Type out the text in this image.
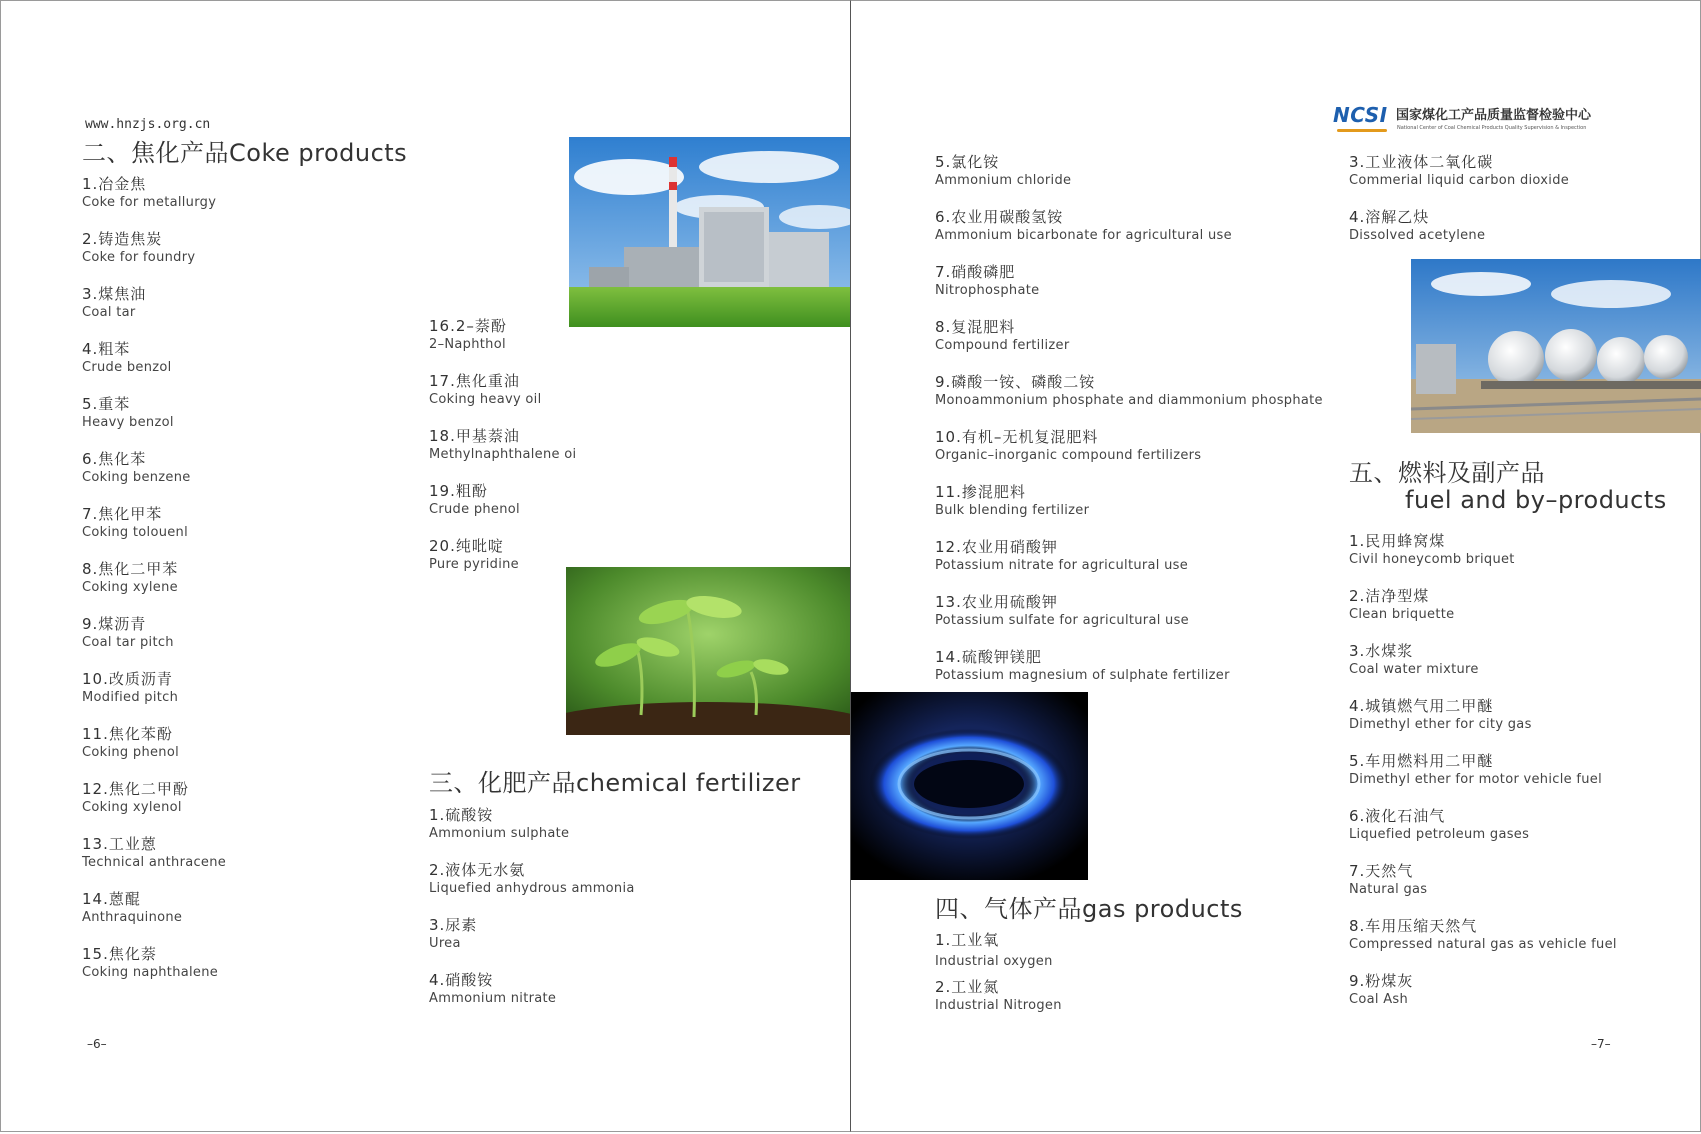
www.hnzjs.org.cn
二、焦化产品Coke products
1.冶金焦
Coke for metallurgy
2.铸造焦炭
Coke for foundry
3.煤焦油
Coal tar
4.粗苯
Crude benzol
5.重苯
Heavy benzol
6.焦化苯
Coking benzene
7.焦化甲苯
Coking tolouenl
8.焦化二甲苯
Coking xylene
9.煤沥青
Coal tar pitch
10.改质沥青
Modified pitch
11.焦化苯酚
Coking phenol
12.焦化二甲酚
Coking xylenol
13.工业蒽
Technical anthracene
14.蒽醌
Anthraquinone
15.焦化萘
Coking naphthalene
16.2–萘酚
2–Naphthol
17.焦化重油
Coking heavy oil
18.甲基萘油
Methylnaphthalene oi
19.粗酚
Crude phenol
20.纯吡啶
Pure pyridine
三、化肥产品chemical fertilizer
1.硫酸铵
Ammonium sulphate
2.液体无水氨
Liquefied anhydrous ammonia
3.尿素
Urea
4.硝酸铵
Ammonium nitrate
–6–
NCSI 国家煤化工产品质量监督检验中心
National Center of Coal Chemical Products Quality Supervision & Inspection
5.氯化铵
Ammonium chloride
6.农业用碳酸氢铵
Ammonium bicarbonate for agricultural use
7.硝酸磷肥
Nitrophosphate
8.复混肥料
Compound fertilizer
9.磷酸一铵、磷酸二铵
Monoammonium phosphate and diammonium phosphate
10.有机–无机复混肥料
Organic–inorganic compound fertilizers
11.掺混肥料
Bulk blending fertilizer
12.农业用硝酸钾
Potassium nitrate for agricultural use
13.农业用硫酸钾
Potassium sulfate for agricultural use
14.硫酸钾镁肥
Potassium magnesium of sulphate fertilizer
四、气体产品gas products
1.工业氧
Industrial oxygen
2.工业氮
Industrial Nitrogen
3.工业液体二氧化碳
Commerial liquid carbon dioxide
4.溶解乙炔
Dissolved acetylene
五、燃料及副产品
fuel and by–products
1.民用蜂窝煤
Civil honeycomb briquet
2.洁净型煤
Clean briquette
3.水煤浆
Coal water mixture
4.城镇燃气用二甲醚
Dimethyl ether for city gas
5.车用燃料用二甲醚
Dimethyl ether for motor vehicle fuel
6.液化石油气
Liquefied petroleum gases
7.天然气
Natural gas
8.车用压缩天然气
Compressed natural gas as vehicle fuel
9.粉煤灰
Coal Ash
–7–
